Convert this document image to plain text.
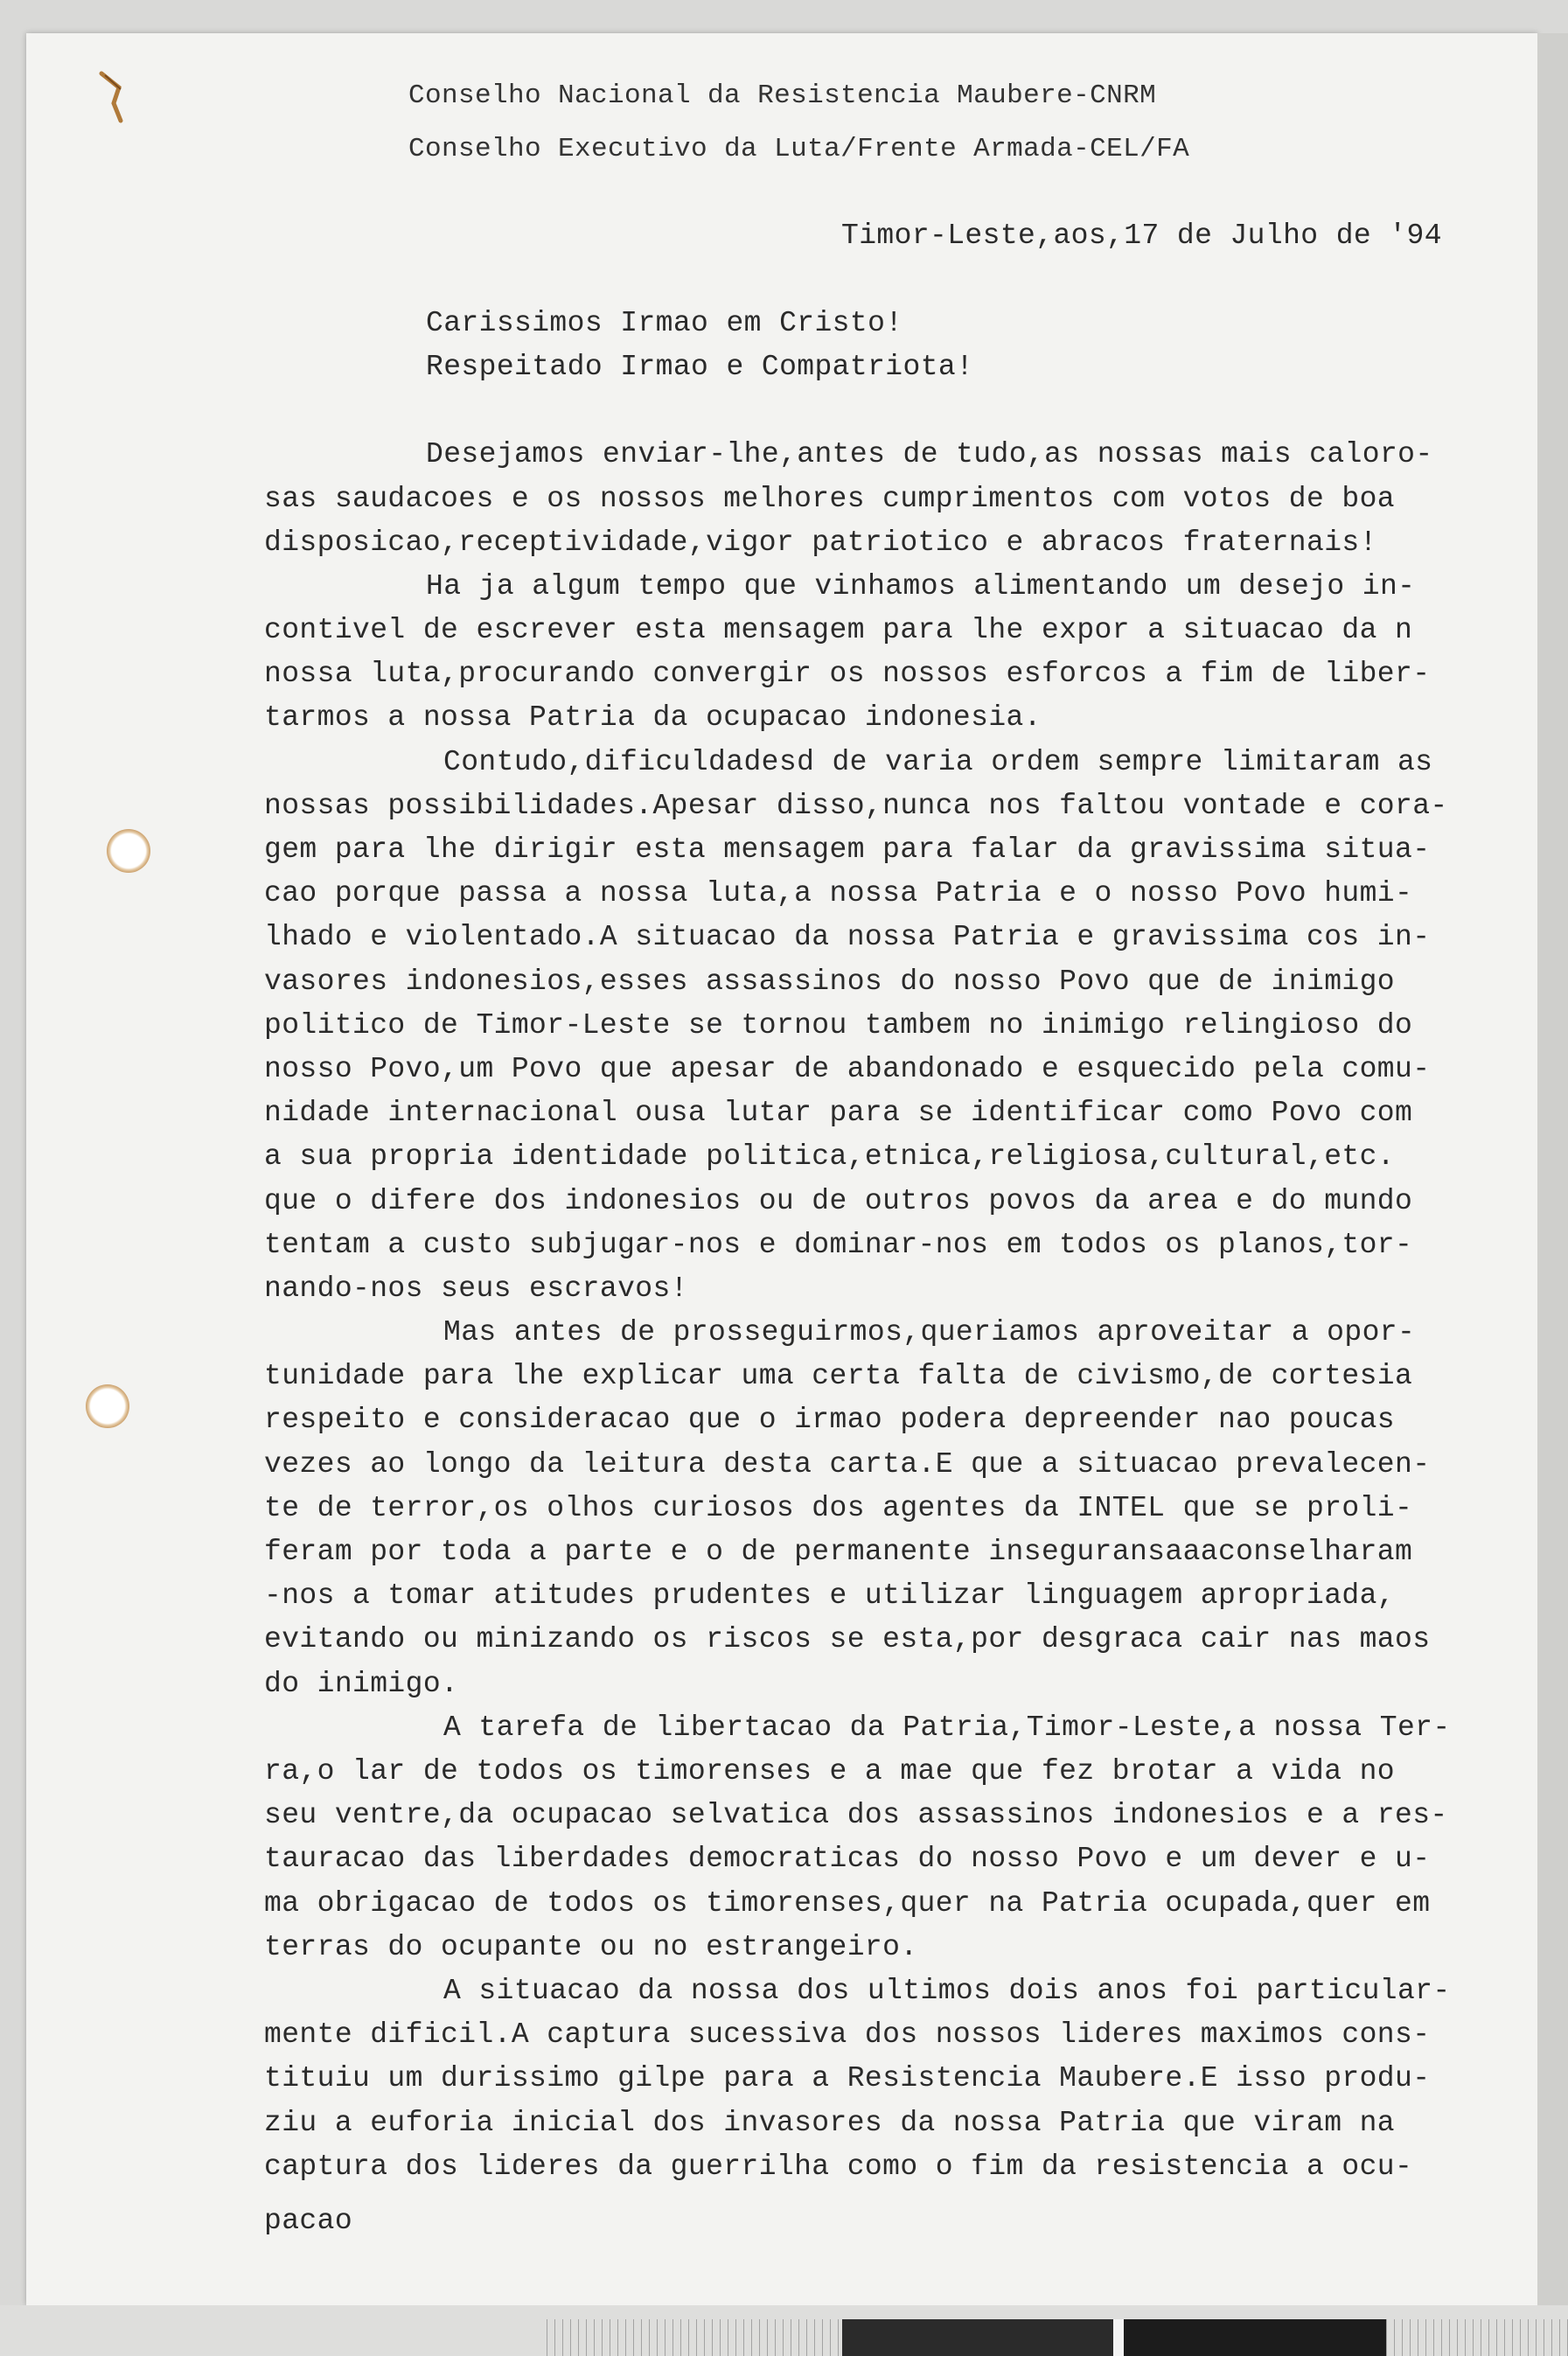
Conselho Nacional da Resistencia Maubere-CNRM
Conselho Executivo da Luta/Frente Armada-CEL/FA
Timor-Leste,aos,17 de Julho de '94
Carissimos Irmao em Cristo!
Respeitado Irmao e Compatriota!
Desejamos enviar-lhe,antes de tudo,as nossas mais caloro-
sas saudacoes e os nossos melhores cumprimentos com votos de boa
disposicao,receptividade,vigor patriotico e abracos fraternais!
Ha ja algum tempo que vinhamos alimentando um desejo in-
contivel de escrever esta mensagem para lhe expor a situacao da n
nossa luta,procurando convergir os nossos esforcos a fim de liber-
tarmos a nossa Patria da ocupacao indonesia.
Contudo,dificuldadesd de varia ordem sempre limitaram as
nossas possibilidades.Apesar disso,nunca nos faltou vontade e cora-
gem para lhe dirigir esta mensagem para falar da gravissima situa-
cao porque passa a nossa luta,a nossa Patria e o nosso Povo humi-
lhado e violentado.A situacao da nossa Patria e gravissima cos in-
vasores indonesios,esses assassinos do nosso Povo que de inimigo
politico de Timor-Leste se tornou tambem no inimigo relingioso do
nosso Povo,um Povo que apesar de abandonado e esquecido pela comu-
nidade internacional ousa lutar para se identificar como Povo com
a sua propria identidade politica,etnica,religiosa,cultural,etc.
que o difere dos indonesios ou de outros povos da area e do mundo
tentam a custo subjugar-nos e dominar-nos em todos os planos,tor-
nando-nos seus escravos!
Mas antes de prosseguirmos,queriamos aproveitar a opor-
tunidade para lhe explicar uma certa falta de civismo,de cortesia
respeito e consideracao que o irmao podera depreender nao poucas
vezes ao longo da leitura desta carta.E que a situacao prevalecen-
te de terror,os olhos curiosos dos agentes da INTEL que se proli-
feram por toda a parte e o de permanente inseguransaaaconselharam
-nos a tomar atitudes prudentes e utilizar linguagem apropriada,
evitando ou minizando os riscos se esta,por desgraca cair nas maos
do inimigo.
A tarefa de libertacao da Patria,Timor-Leste,a nossa Ter-
ra,o lar de todos os timorenses e a mae que fez brotar a vida no
seu ventre,da ocupacao selvatica dos assassinos indonesios e a res-
tauracao das liberdades democraticas do nosso Povo e um dever e u-
ma obrigacao de todos os timorenses,quer na Patria ocupada,quer em
terras do ocupante ou no estrangeiro.
A situacao da nossa dos ultimos dois anos foi particular-
mente dificil.A captura sucessiva dos nossos lideres maximos cons-
tituiu um durissimo gilpe para a Resistencia Maubere.E isso produ-
ziu a euforia inicial dos invasores da nossa Patria que viram na
captura dos lideres da guerrilha como o fim da resistencia a ocu-
pacao
